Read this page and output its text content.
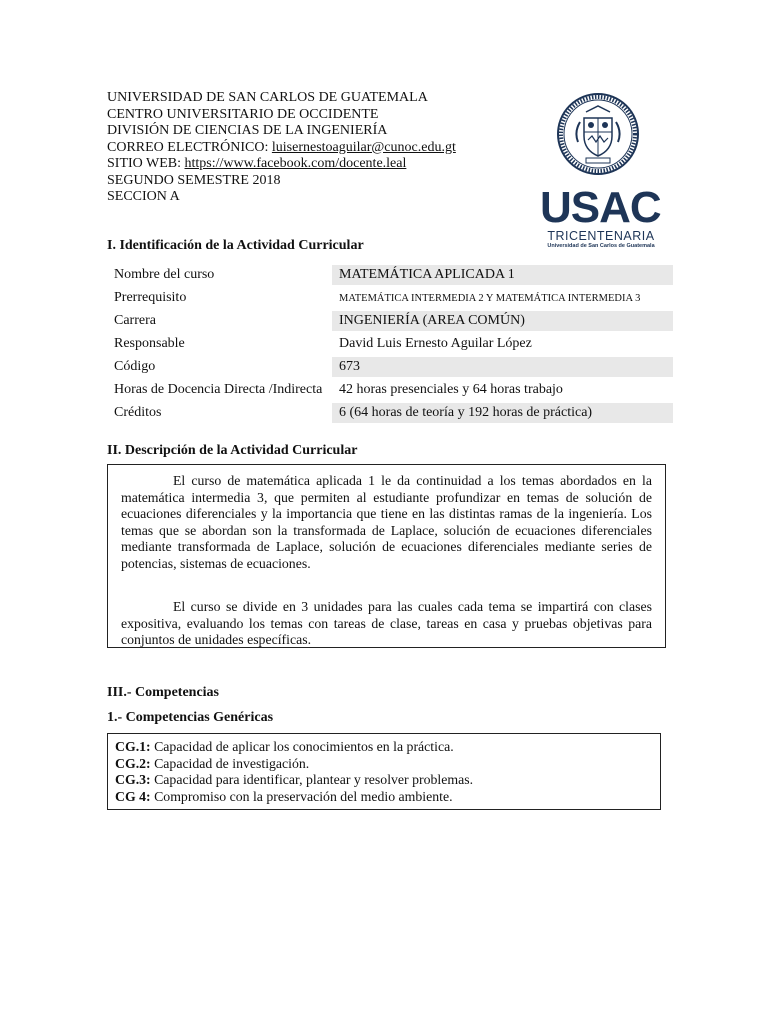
UNIVERSIDAD DE SAN CARLOS DE GUATEMALA
CENTRO UNIVERSITARIO DE OCCIDENTE
DIVISIÓN DE CIENCIAS DE LA INGENIERÍA
CORREO ELECTRÓNICO: luisernestoaguilar@cunoc.edu.gt
SITIO WEB: https://www.facebook.com/docente.leal
SEGUNDO SEMESTRE 2018
SECCION A	USAC
TRICENTENARIA
Universidad de San Carlos de Guatemala
I. Identificación de la Actividad Curricular
Nombre del curso	MATEMÁTICA APLICADA 1
Prerrequisito	MATEMÁTICA INTERMEDIA 2 Y MATEMÁTICA INTERMEDIA 3
Carrera	INGENIERÍA (AREA COMÚN)
Responsable	David Luis Ernesto Aguilar López
Código	673
Horas de Docencia Directa /Indirecta	42 horas presenciales y 64 horas trabajo
Créditos	6 (64 horas de teoría y 192 horas de práctica)
II. Descripción de la Actividad Curricular

El curso de matemática aplicada 1 le da continuidad a los temas abordados en la matemática intermedia 3, que permiten al estudiante profundizar en temas de solución de ecuaciones diferenciales y la importancia que tiene en las distintas ramas de la ingeniería. Los temas que se abordan son la transformada de Laplace, solución de ecuaciones diferenciales mediante transformada de Laplace, solución de ecuaciones diferenciales mediante series de potencias, sistemas de ecuaciones.

El curso se divide en 3 unidades para las cuales cada tema se impartirá con clases expositiva, evaluando los temas con tareas de clase, tareas en casa y pruebas objetivas para conjuntos de unidades específicas.

III.- Competencias
1.- Competencias Genéricas
CG.1: Capacidad de aplicar los conocimientos en la práctica.
CG.2: Capacidad de investigación.
CG.3: Capacidad para identificar, plantear y resolver problemas.
CG 4: Compromiso con la preservación del medio ambiente.
